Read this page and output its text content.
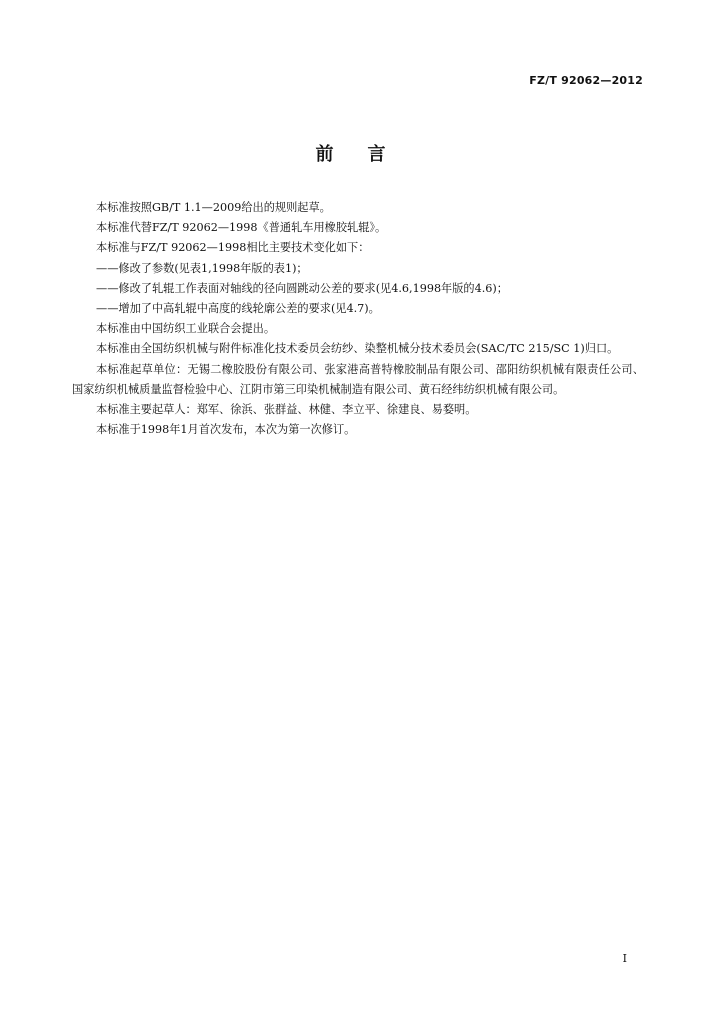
FZ/T 92062—2012
前言

本标准按照GB/T 1.1—2009给出的规则起草。

本标准代替FZ/T 92062—1998《普通轧车用橡胶轧辊》。

本标准与FZ/T 92062—1998相比主要技术变化如下：

——修改了参数(见表1,1998年版的表1)；

——修改了轧辊工作表面对轴线的径向圆跳动公差的要求(见4.6,1998年版的4.6)；

——增加了中高轧辊中高度的线轮廓公差的要求(见4.7)。

本标准由中国纺织工业联合会提出。

本标准由全国纺织机械与附件标准化技术委员会纺纱、染整机械分技术委员会(SAC/TC 215/SC 1)归口。

本标准起草单位：无锡二橡胶股份有限公司、张家港高普特橡胶制品有限公司、邵阳纺织机械有限责任公司、国家纺织机械质量监督检验中心、江阴市第三印染机械制造有限公司、黄石经纬纺织机械有限公司。

本标准主要起草人：郑军、徐浜、张群益、林健、李立平、徐建良、易婺明。

本标准于1998年1月首次发布，本次为第一次修订。

I
